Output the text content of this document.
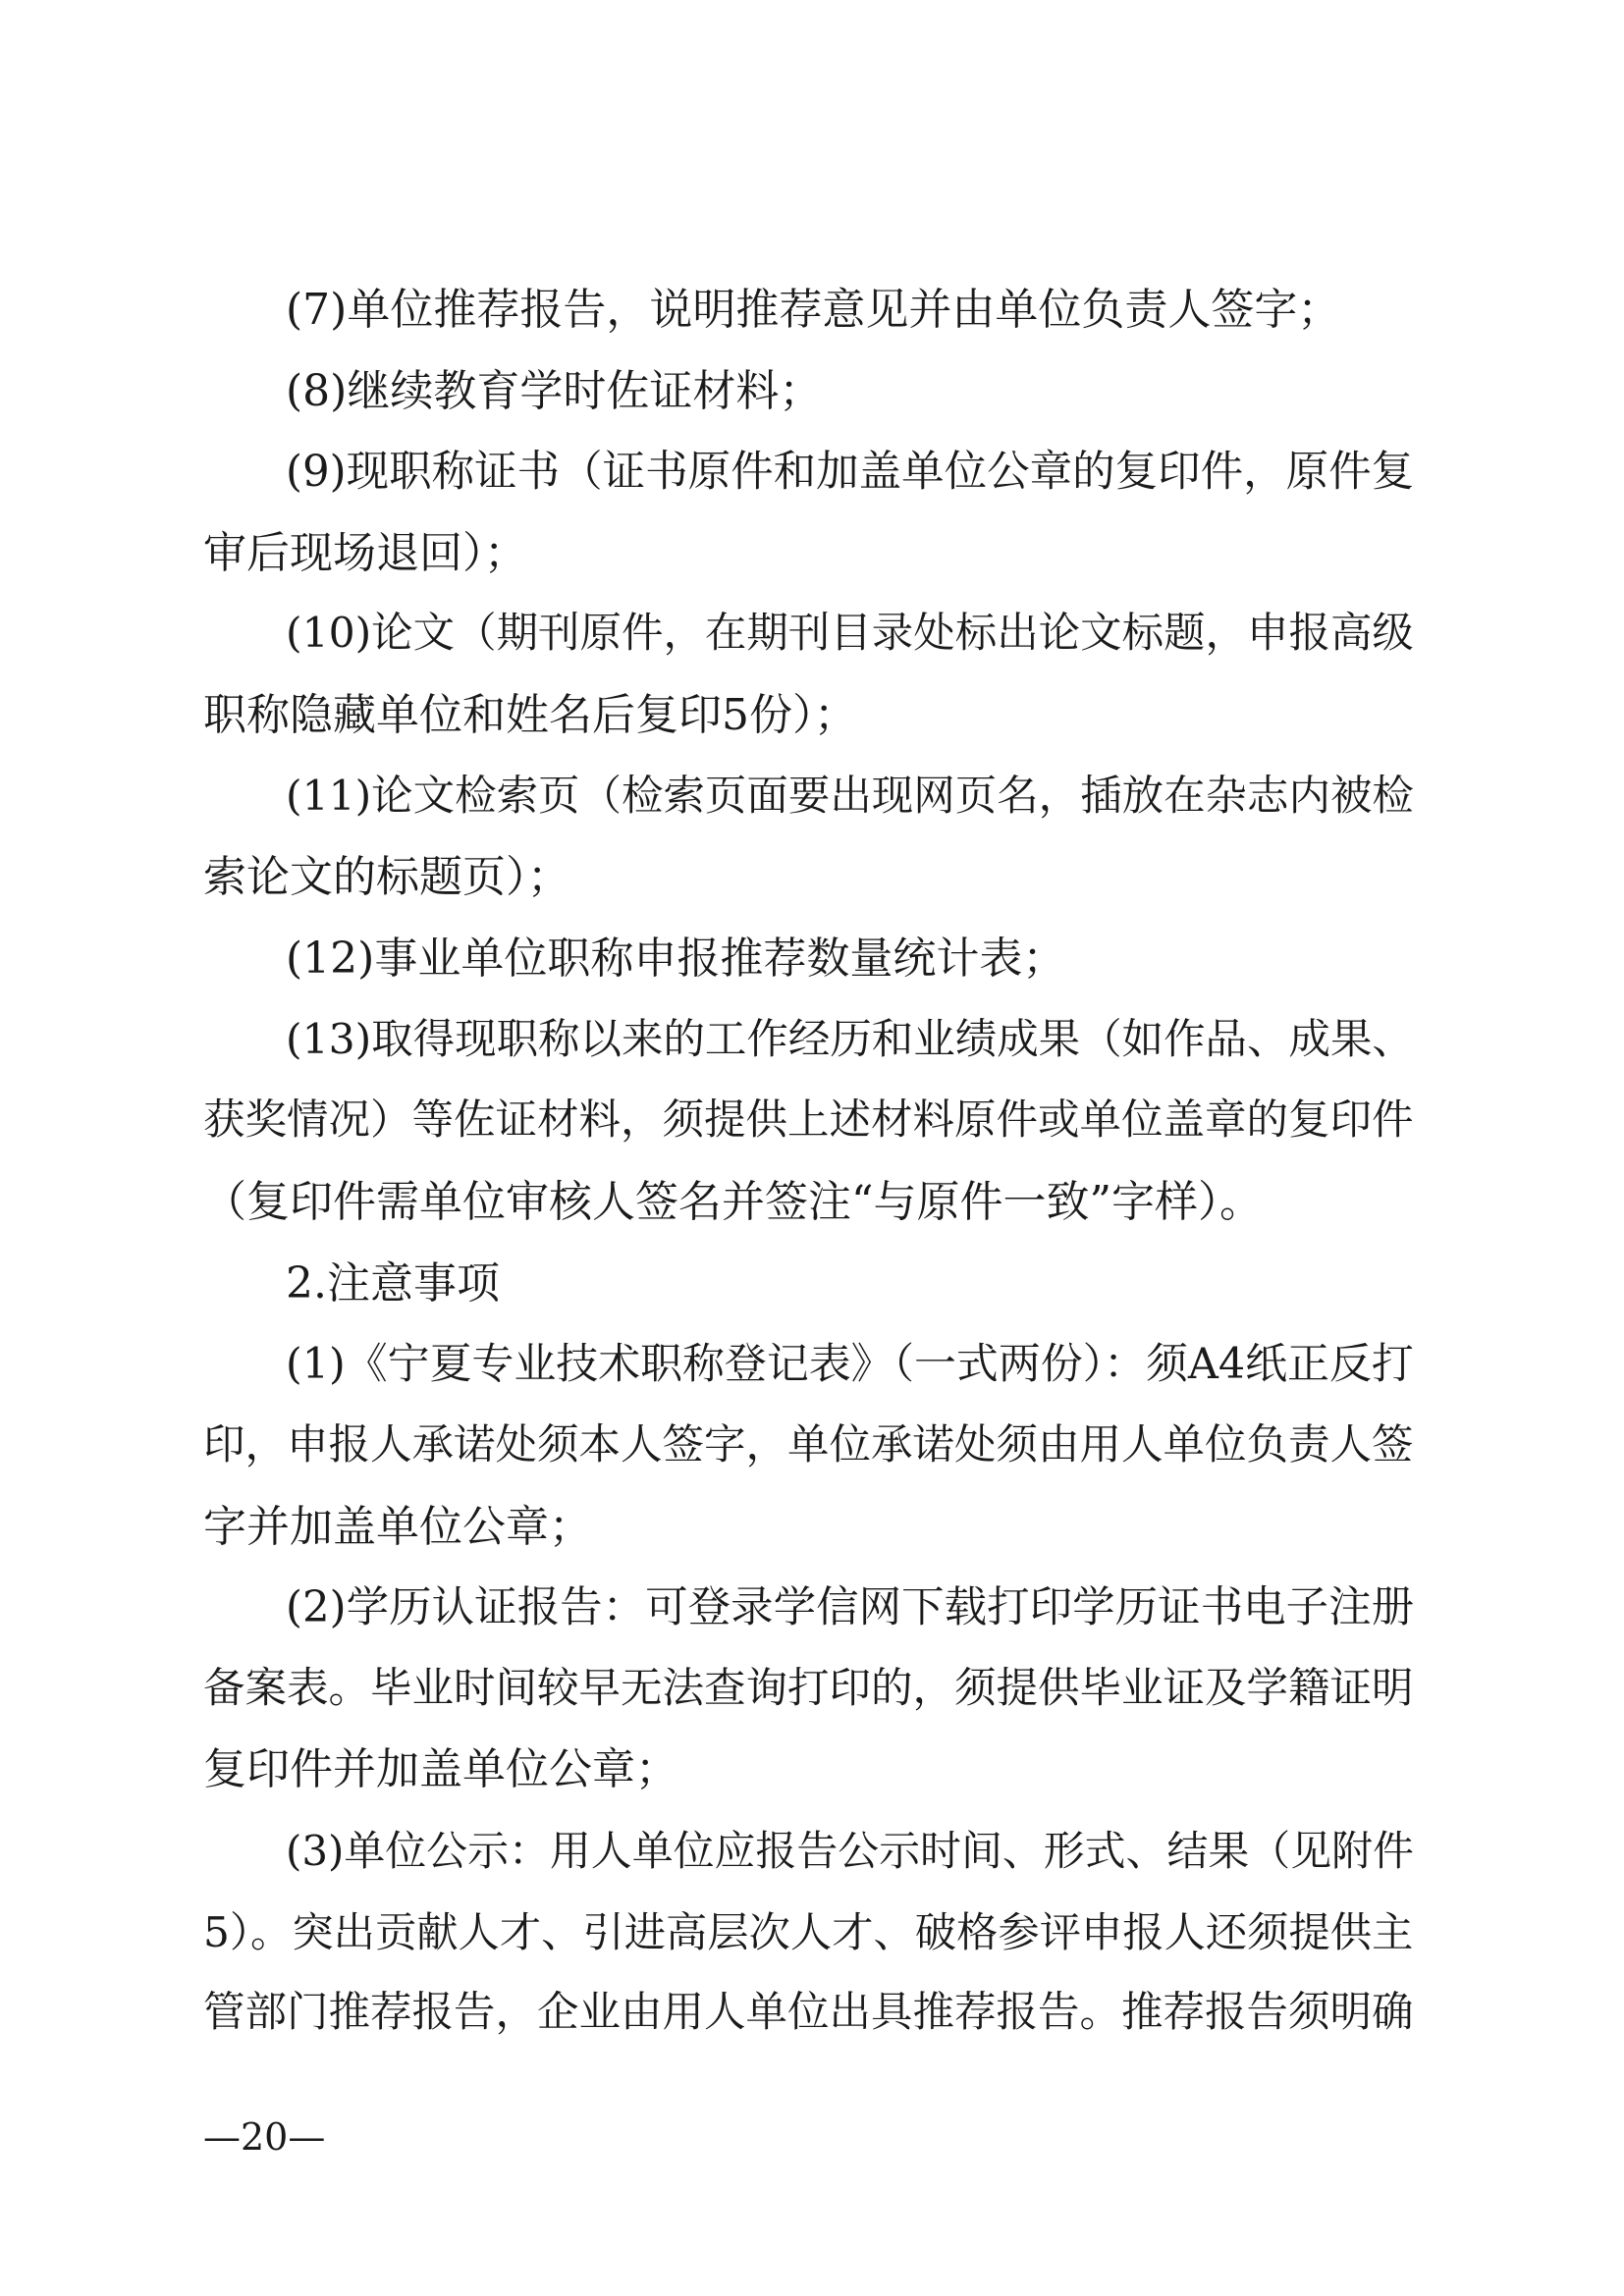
(7)单位推荐报告，说明推荐意见并由单位负责人签字；
(8)继续教育学时佐证材料；
(9)现职称证书（证书原件和加盖单位公章的复印件，原件复
审后现场退回）；
(10)论文（期刊原件，在期刊目录处标出论文标题，申报高级
职称隐藏单位和姓名后复印5份）；
(11)论文检索页（检索页面要出现网页名，插放在杂志内被检
索论文的标题页）；
(12)事业单位职称申报推荐数量统计表；
(13)取得现职称以来的工作经历和业绩成果（如作品、成果、
获奖情况）等佐证材料，须提供上述材料原件或单位盖章的复印件
（复印件需单位审核人签名并签注“与原件一致”字样）。
2.注意事项
(1)《宁夏专业技术职称登记表》（一式两份）：须A4纸正反打
印，申报人承诺处须本人签字，单位承诺处须由用人单位负责人签
字并加盖单位公章；
(2)学历认证报告：可登录学信网下载打印学历证书电子注册
备案表。毕业时间较早无法查询打印的，须提供毕业证及学籍证明
复印件并加盖单位公章；
(3)单位公示：用人单位应报告公示时间、形式、结果（见附件
5）。突出贡献人才、引进高层次人才、破格参评申报人还须提供主
管部门推荐报告，企业由用人单位出具推荐报告。推荐报告须明确
—20—
